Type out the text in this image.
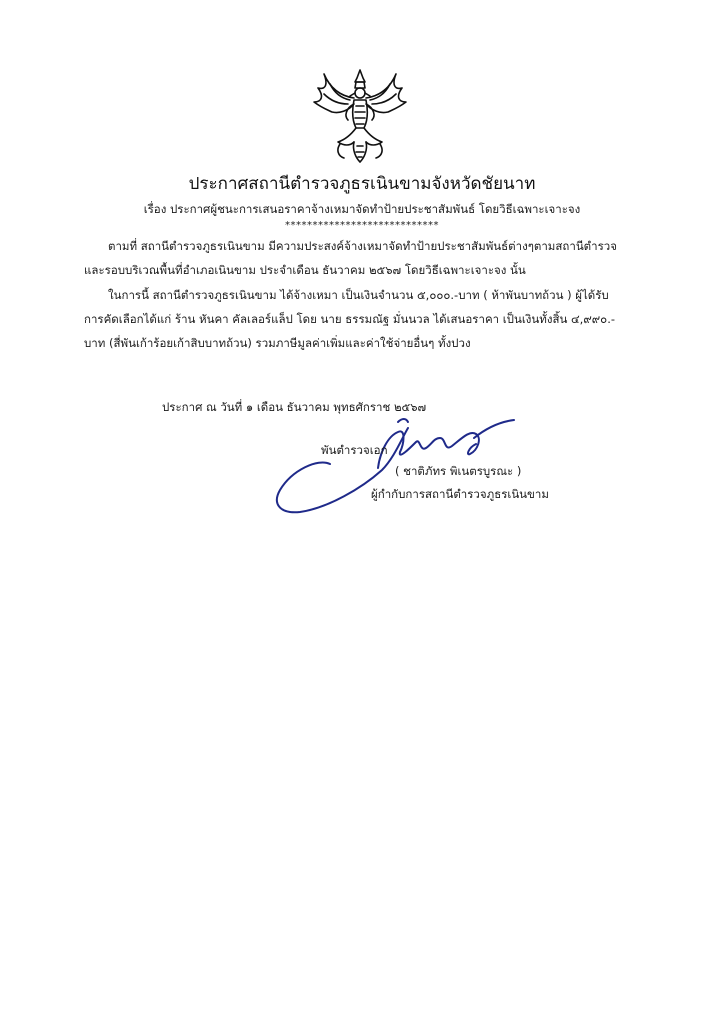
ประกาศสถานีตำรวจภูธรเนินขามจังหวัดชัยนาท
เรื่อง ประกาศผู้ชนะการเสนอราคาจ้างเหมาจัดทำป้ายประชาสัมพันธ์ โดยวิธีเฉพาะเจาะจง
****************************
ตามที่ สถานีตำรวจภูธรเนินขาม มีความประสงค์จ้างเหมาจัดทำป้ายประชาสัมพันธ์ต่างๆตามสถานีตำรวจ
และรอบบริเวณพื้นที่อำเภอเนินขาม ประจำเดือน ธันวาคม ๒๕๖๗ โดยวิธีเฉพาะเจาะจง นั้น
ในการนี้ สถานีตำรวจภูธรเนินขาม ได้จ้างเหมา เป็นเงินจำนวน ๕,๐๐๐.-บาท ( ห้าพันบาทถ้วน ) ผู้ได้รับ
การคัดเลือกได้แก่ ร้าน หันคา คัลเลอร์แล็ป โดย นาย ธรรมณัฐ มั่นนวล ได้เสนอราคา เป็นเงินทั้งสิ้น ๔,๙๙๐.-
บาท (สี่พันเก้าร้อยเก้าสิบบาทถ้วน) รวมภาษีมูลค่าเพิ่มและค่าใช้จ่ายอื่นๆ ทั้งปวง
ประกาศ ณ วันที่ ๑ เดือน ธันวาคม พุทธศักราช ๒๕๖๗
พันตำรวจเอก
( ชาติภัทร พิเนตรบูรณะ )
ผู้กำกับการสถานีตำรวจภูธรเนินขาม
